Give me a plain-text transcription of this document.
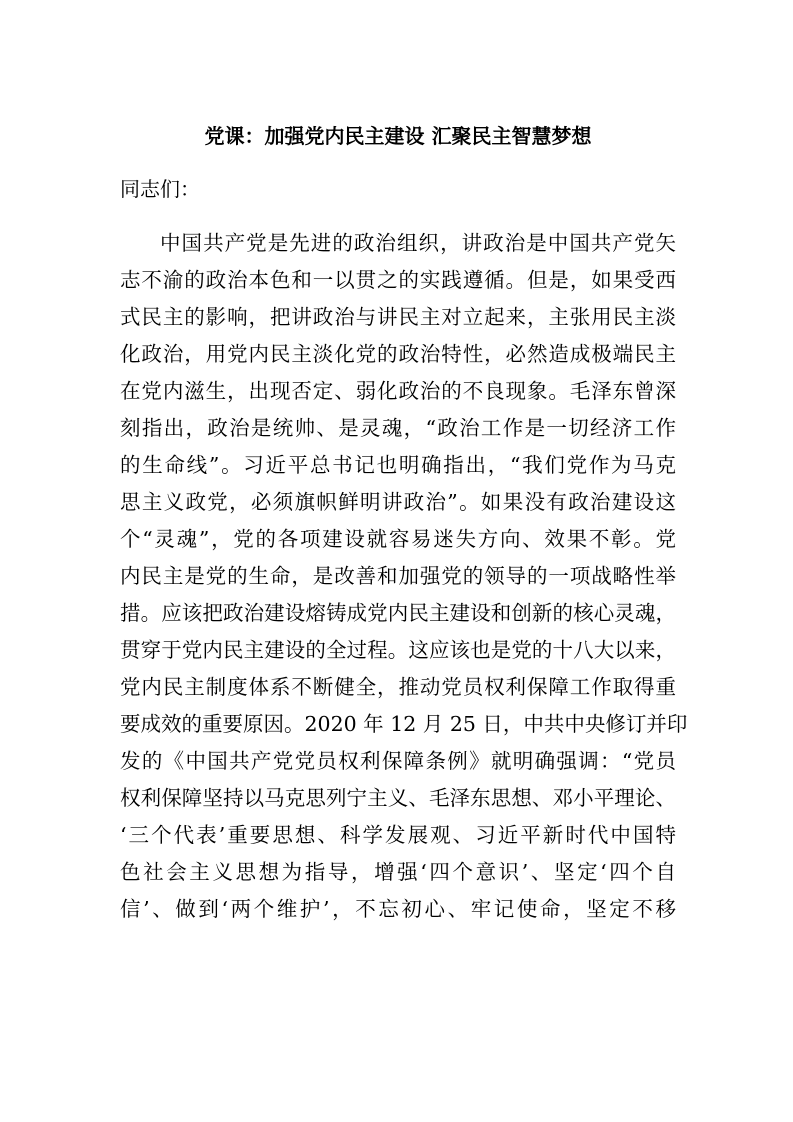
党课：加强党内民主建设 汇聚民主智慧梦想
同志们：
中国共产党是先进的政治组织，讲政治是中国共产党矢
志不渝的政治本色和一以贯之的实践遵循。但是，如果受西
式民主的影响，把讲政治与讲民主对立起来，主张用民主淡
化政治，用党内民主淡化党的政治特性，必然造成极端民主
在党内滋生，出现否定、弱化政治的不良现象。毛泽东曾深
刻指出，政治是统帅、是灵魂，“政治工作是一切经济工作
的生命线”。习近平总书记也明确指出，“我们党作为马克
思主义政党，必须旗帜鲜明讲政治”。如果没有政治建设这
个“灵魂”，党的各项建设就容易迷失方向、效果不彰。党
内民主是党的生命，是改善和加强党的领导的一项战略性举
措。应该把政治建设熔铸成党内民主建设和创新的核心灵魂，
贯穿于党内民主建设的全过程。这应该也是党的十八大以来，
党内民主制度体系不断健全，推动党员权利保障工作取得重
要成效的重要原因。2020 年 12 月 25 日，中共中央修订并印
发的《中国共产党党员权利保障条例》就明确强调：“党员
权利保障坚持以马克思列宁主义、毛泽东思想、邓小平理论、
‘三个代表’重要思想、科学发展观、习近平新时代中国特
色社会主义思想为指导，增强‘四个意识’、坚定‘四个自
信’、做到‘两个维护’，不忘初心、牢记使命，坚定不移
